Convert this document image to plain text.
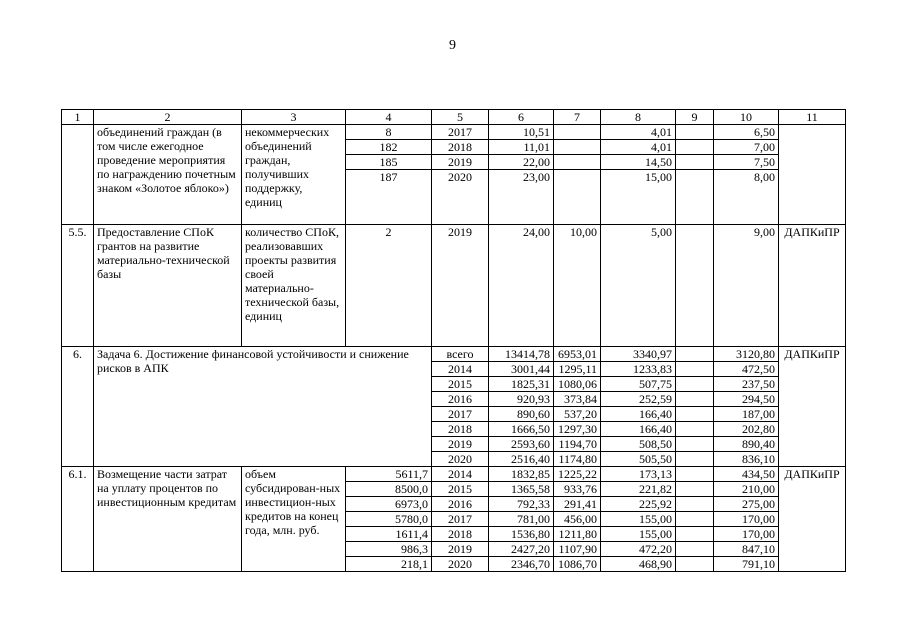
9
1	2	3	4	5	6	7	8	9	10	11
	объединений граждан (в том числе ежегодное проведение мероприятия по награждению почетным знаком «Золотое яблоко»)	некоммерческих объединений граждан, получивших поддержку, единиц	8	2017	10,51		4,01		6,50	
			182	2018	11,01		4,01		7,00	
			185	2019	22,00		14,50		7,50	
			187	2020	23,00		15,00		8,00	
5.5.	Предоставление СПоК грантов на развитие материально-технической базы	количество СПоК, реализовавших проекты развития своей материально-технической базы, единиц	2	2019	24,00	10,00	5,00		9,00	ДАПКиПР
6.	Задача 6. Достижение финансовой устойчивости и снижение рисков в АПК			всего	13414,78	6953,01	3340,97		3120,80	ДАПКиПР
				2014	3001,44	1295,11	1233,83		472,50	
				2015	1825,31	1080,06	507,75		237,50	
				2016	920,93	373,84	252,59		294,50	
				2017	890,60	537,20	166,40		187,00	
				2018	1666,50	1297,30	166,40		202,80	
				2019	2593,60	1194,70	508,50		890,40	
				2020	2516,40	1174,80	505,50		836,10	
6.1.	Возмещение части затрат на уплату процентов по инвестиционным кредитам	объем субсидирован-ных инвестицион-ных кредитов на конец года, млн. руб.	5611,7	2014	1832,85	1225,22	173,13		434,50	ДАПКиПР
			8500,0	2015	1365,58	933,76	221,82		210,00	
			6973,0	2016	792,33	291,41	225,92		275,00	
			5780,0	2017	781,00	456,00	155,00		170,00	
			1611,4	2018	1536,80	1211,80	155,00		170,00	
			986,3	2019	2427,20	1107,90	472,20		847,10	
			218,1	2020	2346,70	1086,70	468,90		791,10	
